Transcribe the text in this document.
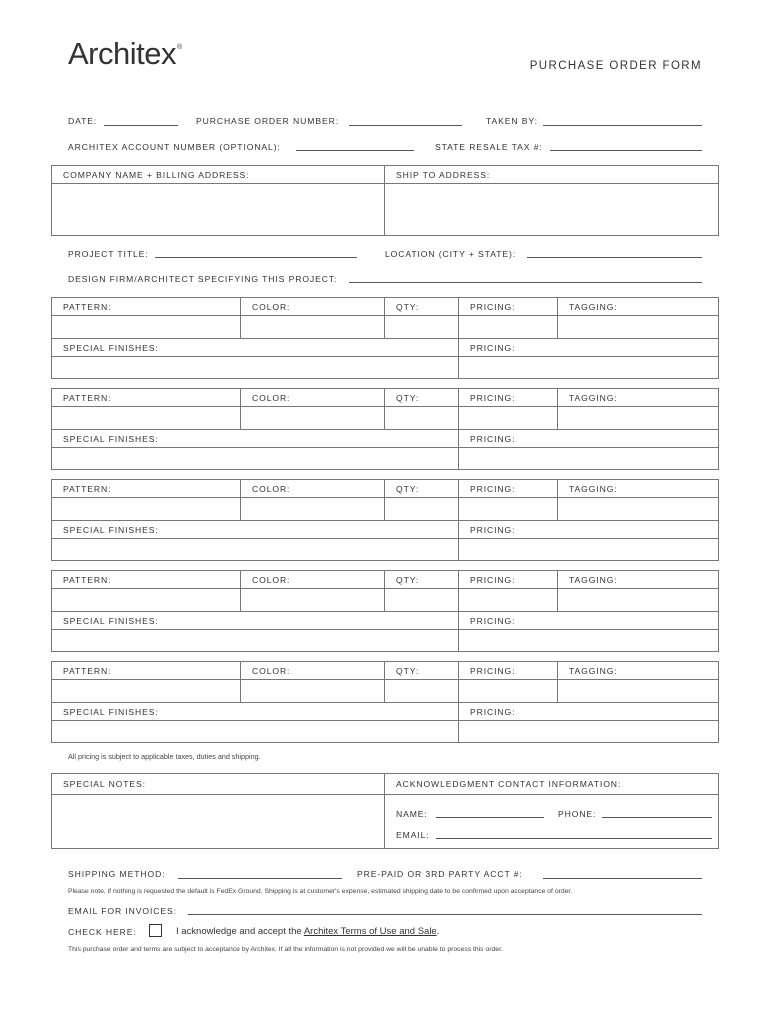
Architex®
PURCHASE ORDER FORM
DATE:	PURCHASE ORDER NUMBER:	TAKEN BY:
ARCHITEX ACCOUNT NUMBER (OPTIONAL):	STATE RESALE TAX #:
COMPANY NAME + BILLING ADDRESS:	SHIP TO ADDRESS:
PROJECT TITLE:	LOCATION (CITY + STATE):
DESIGN FIRM/ARCHITECT SPECIFYING THIS PROJECT:
PATTERN:	COLOR:	QTY:	PRICING:	TAGGING:
SPECIAL FINISHES:	PRICING:
PATTERN:	COLOR:	QTY:	PRICING:	TAGGING:
SPECIAL FINISHES:	PRICING:
PATTERN:	COLOR:	QTY:	PRICING:	TAGGING:
SPECIAL FINISHES:	PRICING:
PATTERN:	COLOR:	QTY:	PRICING:	TAGGING:
SPECIAL FINISHES:	PRICING:
PATTERN:	COLOR:	QTY:	PRICING:	TAGGING:
SPECIAL FINISHES:	PRICING:
All pricing is subject to applicable taxes, duties and shipping.
SPECIAL NOTES:	ACKNOWLEDGMENT CONTACT INFORMATION:
NAME:	PHONE:
EMAIL:
SHIPPING METHOD:	PRE-PAID OR 3RD PARTY ACCT #:
Please note, if nothing is requested the default is FedEx Ground. Shipping is at customer's expense, estimated shipping date to be confirmed upon acceptance of order.
EMAIL FOR INVOICES:
CHECK HERE:	I acknowledge and accept the Architex Terms of Use and Sale.
This purchase order and terms are subject to acceptance by Architex. If all the information is not provided we will be unable to process this order.
